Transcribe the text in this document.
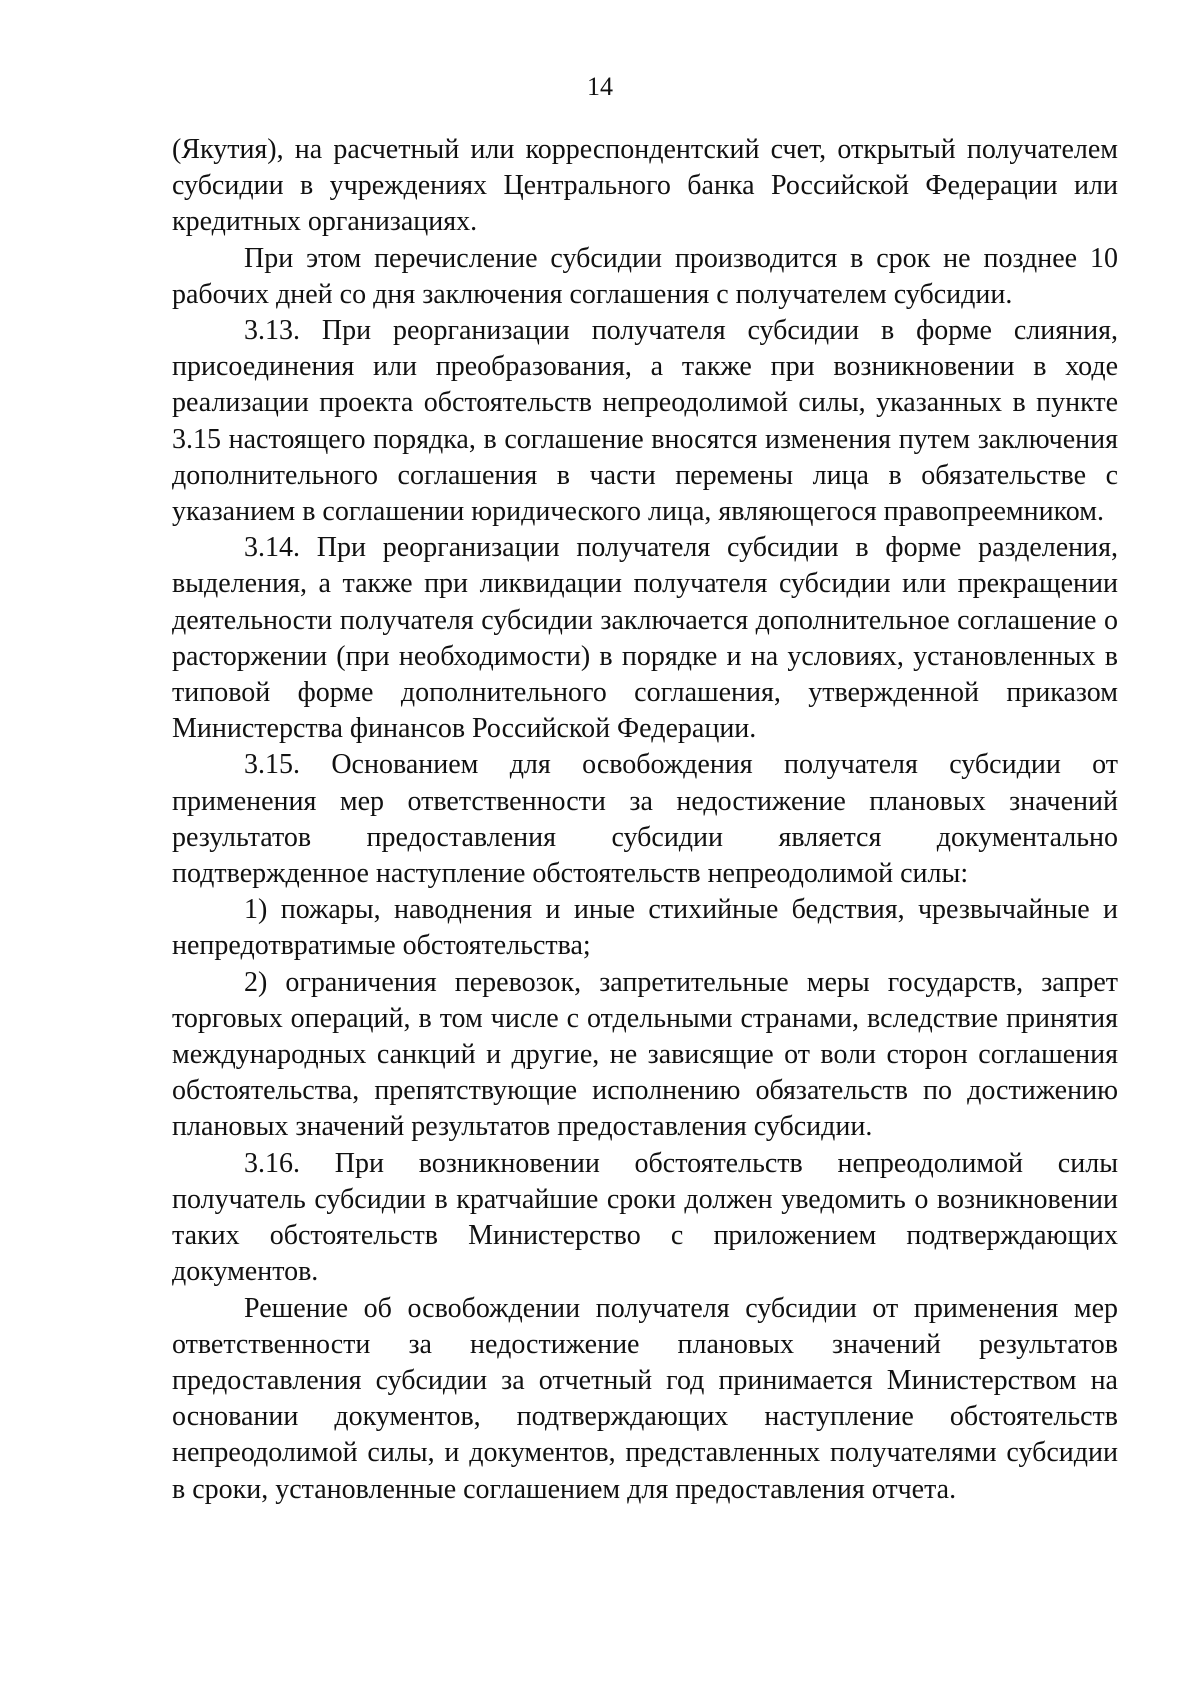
14

(Якутия), на расчетный или корреспондентский счет, открытый получателем субсидии в учреждениях Центрального банка Российской Федерации или кредитных организациях.

При этом перечисление субсидии производится в срок не позднее 10 рабочих дней со дня заключения соглашения с получателем субсидии.

3.13. При реорганизации получателя субсидии в форме слияния, присоединения или преобразования, а также при возникновении в ходе реализации проекта обстоятельств непреодолимой силы, указанных в пункте 3.15 настоящего порядка, в соглашение вносятся изменения путем заключения дополнительного соглашения в части перемены лица в обязательстве с указанием в соглашении юридического лица, являющегося правопреемником.

3.14. При реорганизации получателя субсидии в форме разделения, выделения, а также при ликвидации получателя субсидии или прекращении деятельности получателя субсидии заключается дополнительное соглашение о расторжении (при необходимости) в порядке и на условиях, установленных в типовой форме дополнительного соглашения, утвержденной приказом Министерства финансов Российской Федерации.

3.15. Основанием для освобождения получателя субсидии от применения мер ответственности за недостижение плановых значений результатов предоставления субсидии является документально подтвержденное наступление обстоятельств непреодолимой силы:

1) пожары, наводнения и иные стихийные бедствия, чрезвычайные и непредотвратимые обстоятельства;

2) ограничения перевозок, запретительные меры государств, запрет торговых операций, в том числе с отдельными странами, вследствие принятия международных санкций и другие, не зависящие от воли сторон соглашения обстоятельства, препятствующие исполнению обязательств по достижению плановых значений результатов предоставления субсидии.

3.16. При возникновении обстоятельств непреодолимой силы получатель субсидии в кратчайшие сроки должен уведомить о возникновении таких обстоятельств Министерство с приложением подтверждающих документов.

Решение об освобождении получателя субсидии от применения мер ответственности за недостижение плановых значений результатов предоставления субсидии за отчетный год принимается Министерством на основании документов, подтверждающих наступление обстоятельств непреодолимой силы, и документов, представленных получателями субсидии в сроки, установленные соглашением для предоставления отчета.
